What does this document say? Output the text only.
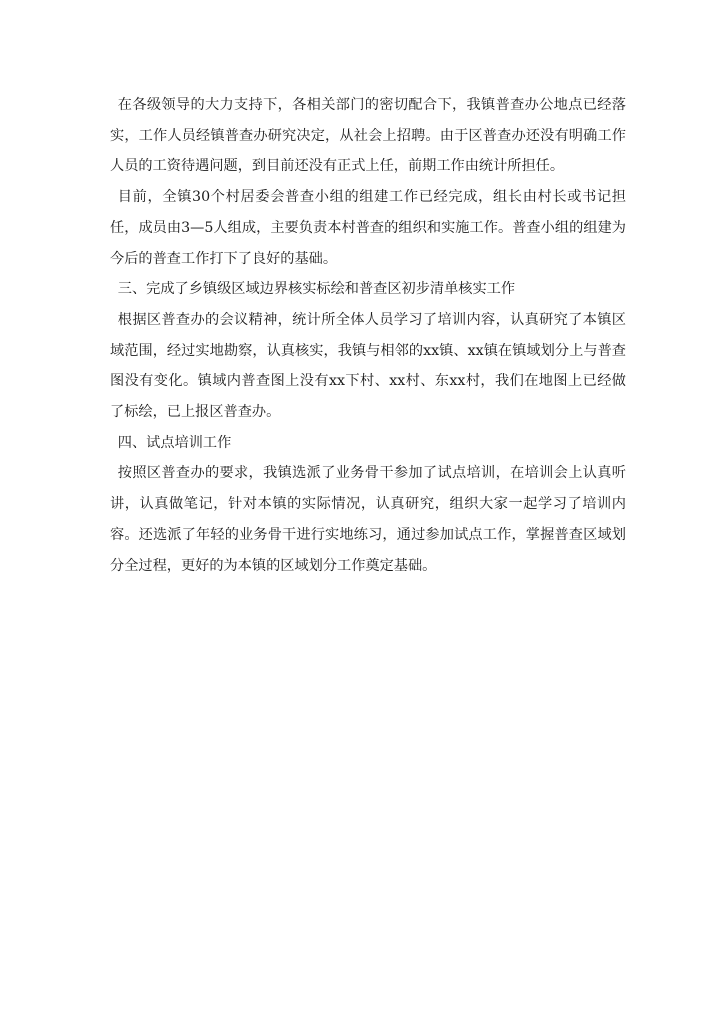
在各级领导的大力支持下，各相关部门的密切配合下，我镇普查办公地点已经落实，工作人员经镇普查办研究决定，从社会上招聘。由于区普查办还没有明确工作人员的工资待遇问题，到目前还没有正式上任，前期工作由统计所担任。

目前，全镇30个村居委会普查小组的组建工作已经完成，组长由村长或书记担任，成员由3—5人组成，主要负责本村普查的组织和实施工作。普查小组的组建为今后的普查工作打下了良好的基础。

三、完成了乡镇级区域边界核实标绘和普查区初步清单核实工作

根据区普查办的会议精神，统计所全体人员学习了培训内容，认真研究了本镇区域范围，经过实地勘察，认真核实，我镇与相邻的xx镇、xx镇在镇域划分上与普查图没有变化。镇域内普查图上没有xx下村、xx村、东xx村，我们在地图上已经做了标绘，已上报区普查办。

四、试点培训工作

按照区普查办的要求，我镇选派了业务骨干参加了试点培训，在培训会上认真听讲，认真做笔记，针对本镇的实际情况，认真研究，组织大家一起学习了培训内容。还选派了年轻的业务骨干进行实地练习，通过参加试点工作，掌握普查区域划分全过程，更好的为本镇的区域划分工作奠定基础。
